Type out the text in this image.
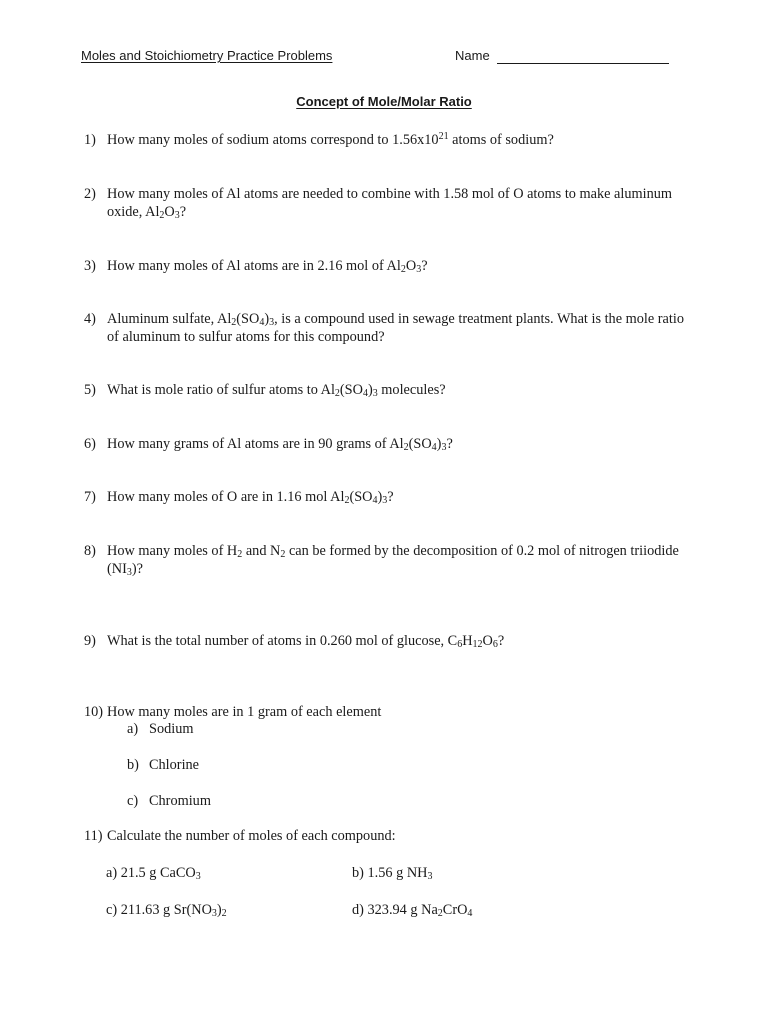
Moles and Stoichiometry Practice Problems	Name
Concept of Mole/Molar Ratio
1) How many moles of sodium atoms correspond to $1.56x10^{21}$ atoms of sodium?
2) How many moles of Al atoms are needed to combine with 1.58 mol of O atoms to make aluminum oxide, $Al_2O_3$?
3) How many moles of Al atoms are in 2.16 mol of $Al_2O_3$?
4) Aluminum sulfate, $Al_2(SO_4)_3$, is a compound used in sewage treatment plants. What is the mole ratio of aluminum to sulfur atoms for this compound?
5) What is mole ratio of sulfur atoms to $Al_2(SO_4)_3$ molecules?
6) How many grams of Al atoms are in 90 grams of $Al_2(SO_4)_3$?
7) How many moles of O are in 1.16 mol $Al_2(SO_4)_3$?
8) How many moles of $H_2$ and $N_2$ can be formed by the decomposition of 0.2 mol of nitrogen triiodide $(NI_3)$?
9) What is the total number of atoms in 0.260 mol of glucose, $C_6H_{12}O_6$?
10) How many moles are in 1 gram of each element
a) Sodium
b) Chlorine
c) Chromium
11) Calculate the number of moles of each compound:
a) 21.5 g CaCO$_3$	b) 1.56 g $NH_3$
c) 211.63 g $Sr(NO_3)_2$	d) 323.94 g $Na_2CrO_4$
